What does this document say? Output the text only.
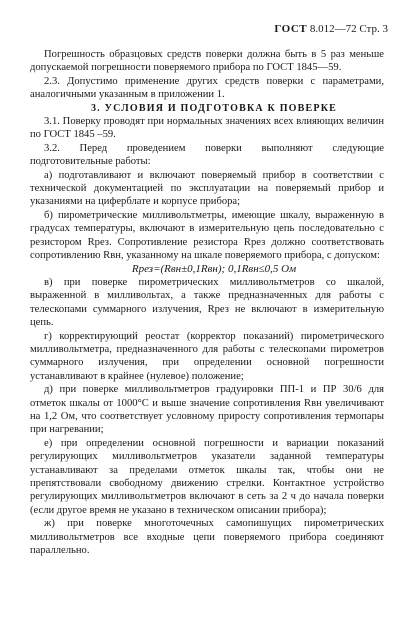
ГОСТ 8.012—72 Стр. 3

Погрешность образцовых средств поверки должна быть в 5 раз меньше допускаемой погрешности поверяемого прибора по ГОСТ 1845—59.

2.3. Допустимо применение других средств поверки с параметрами, аналогичными указанным в приложении 1.

3. УСЛОВИЯ И ПОДГОТОВКА К ПОВЕРКЕ

3.1. Поверку проводят при нормальных значениях всех влияющих величин по ГОСТ 1845 –59.

3.2. Перед проведением поверки выполняют следующие подготовительные работы:

а) подготавливают и включают поверяемый прибор в соответствии с технической документацией по эксплуатации на поверяемый прибор и указаниями на циферблате и корпусе прибора;

б) пирометрические милливольтметры, имеющие шкалу, выраженную в градусах температуры, включают в измерительную цепь последовательно с резистором Rрез. Сопротивление резистора Rрез должно соответствовать сопротивлению Rвн, указанному на шкале поверяемого прибора, с допуском:

Rрез=(Rвн±0,1Rвн); 0,1Rвн≤0,5 Ом

в) при поверке пирометрических милливольтметров со шкалой, выраженной в милливольтах, а также предназначенных для работы с телескопами суммарного излучения, Rрез не включают в измерительную цепь.

г) корректирующий реостат (корректор показаний) пирометрического милливольтметра, предназначенного для работы с телескопами пирометров суммарного излучения, при определении основной погрешности устанавливают в крайнее (нулевое) положение;

д) при поверке милливольтметров градуировки ПП-1 и ПР 30/6 для отметок шкалы от 1000°С и выше значение сопротивления Rвн увеличивают на 1,2 Ом, что соответствует условному приросту сопротивления термопары при нагревании;

е) при определении основной погрешности и вариации показаний регулирующих милливольтметров указатели заданной температуры устанавливают за пределами отметок шкалы так, чтобы они не препятствовали свободному движению стрелки. Контактное устройство регулирующих милливольтметров включают в сеть за 2 ч до начала поверки (если другое время не указано в техническом описании прибора);

ж) при поверке многоточечных самопишущих пирометрических милливольтметров все входные цепи поверяемого прибора соединяют параллельно.
